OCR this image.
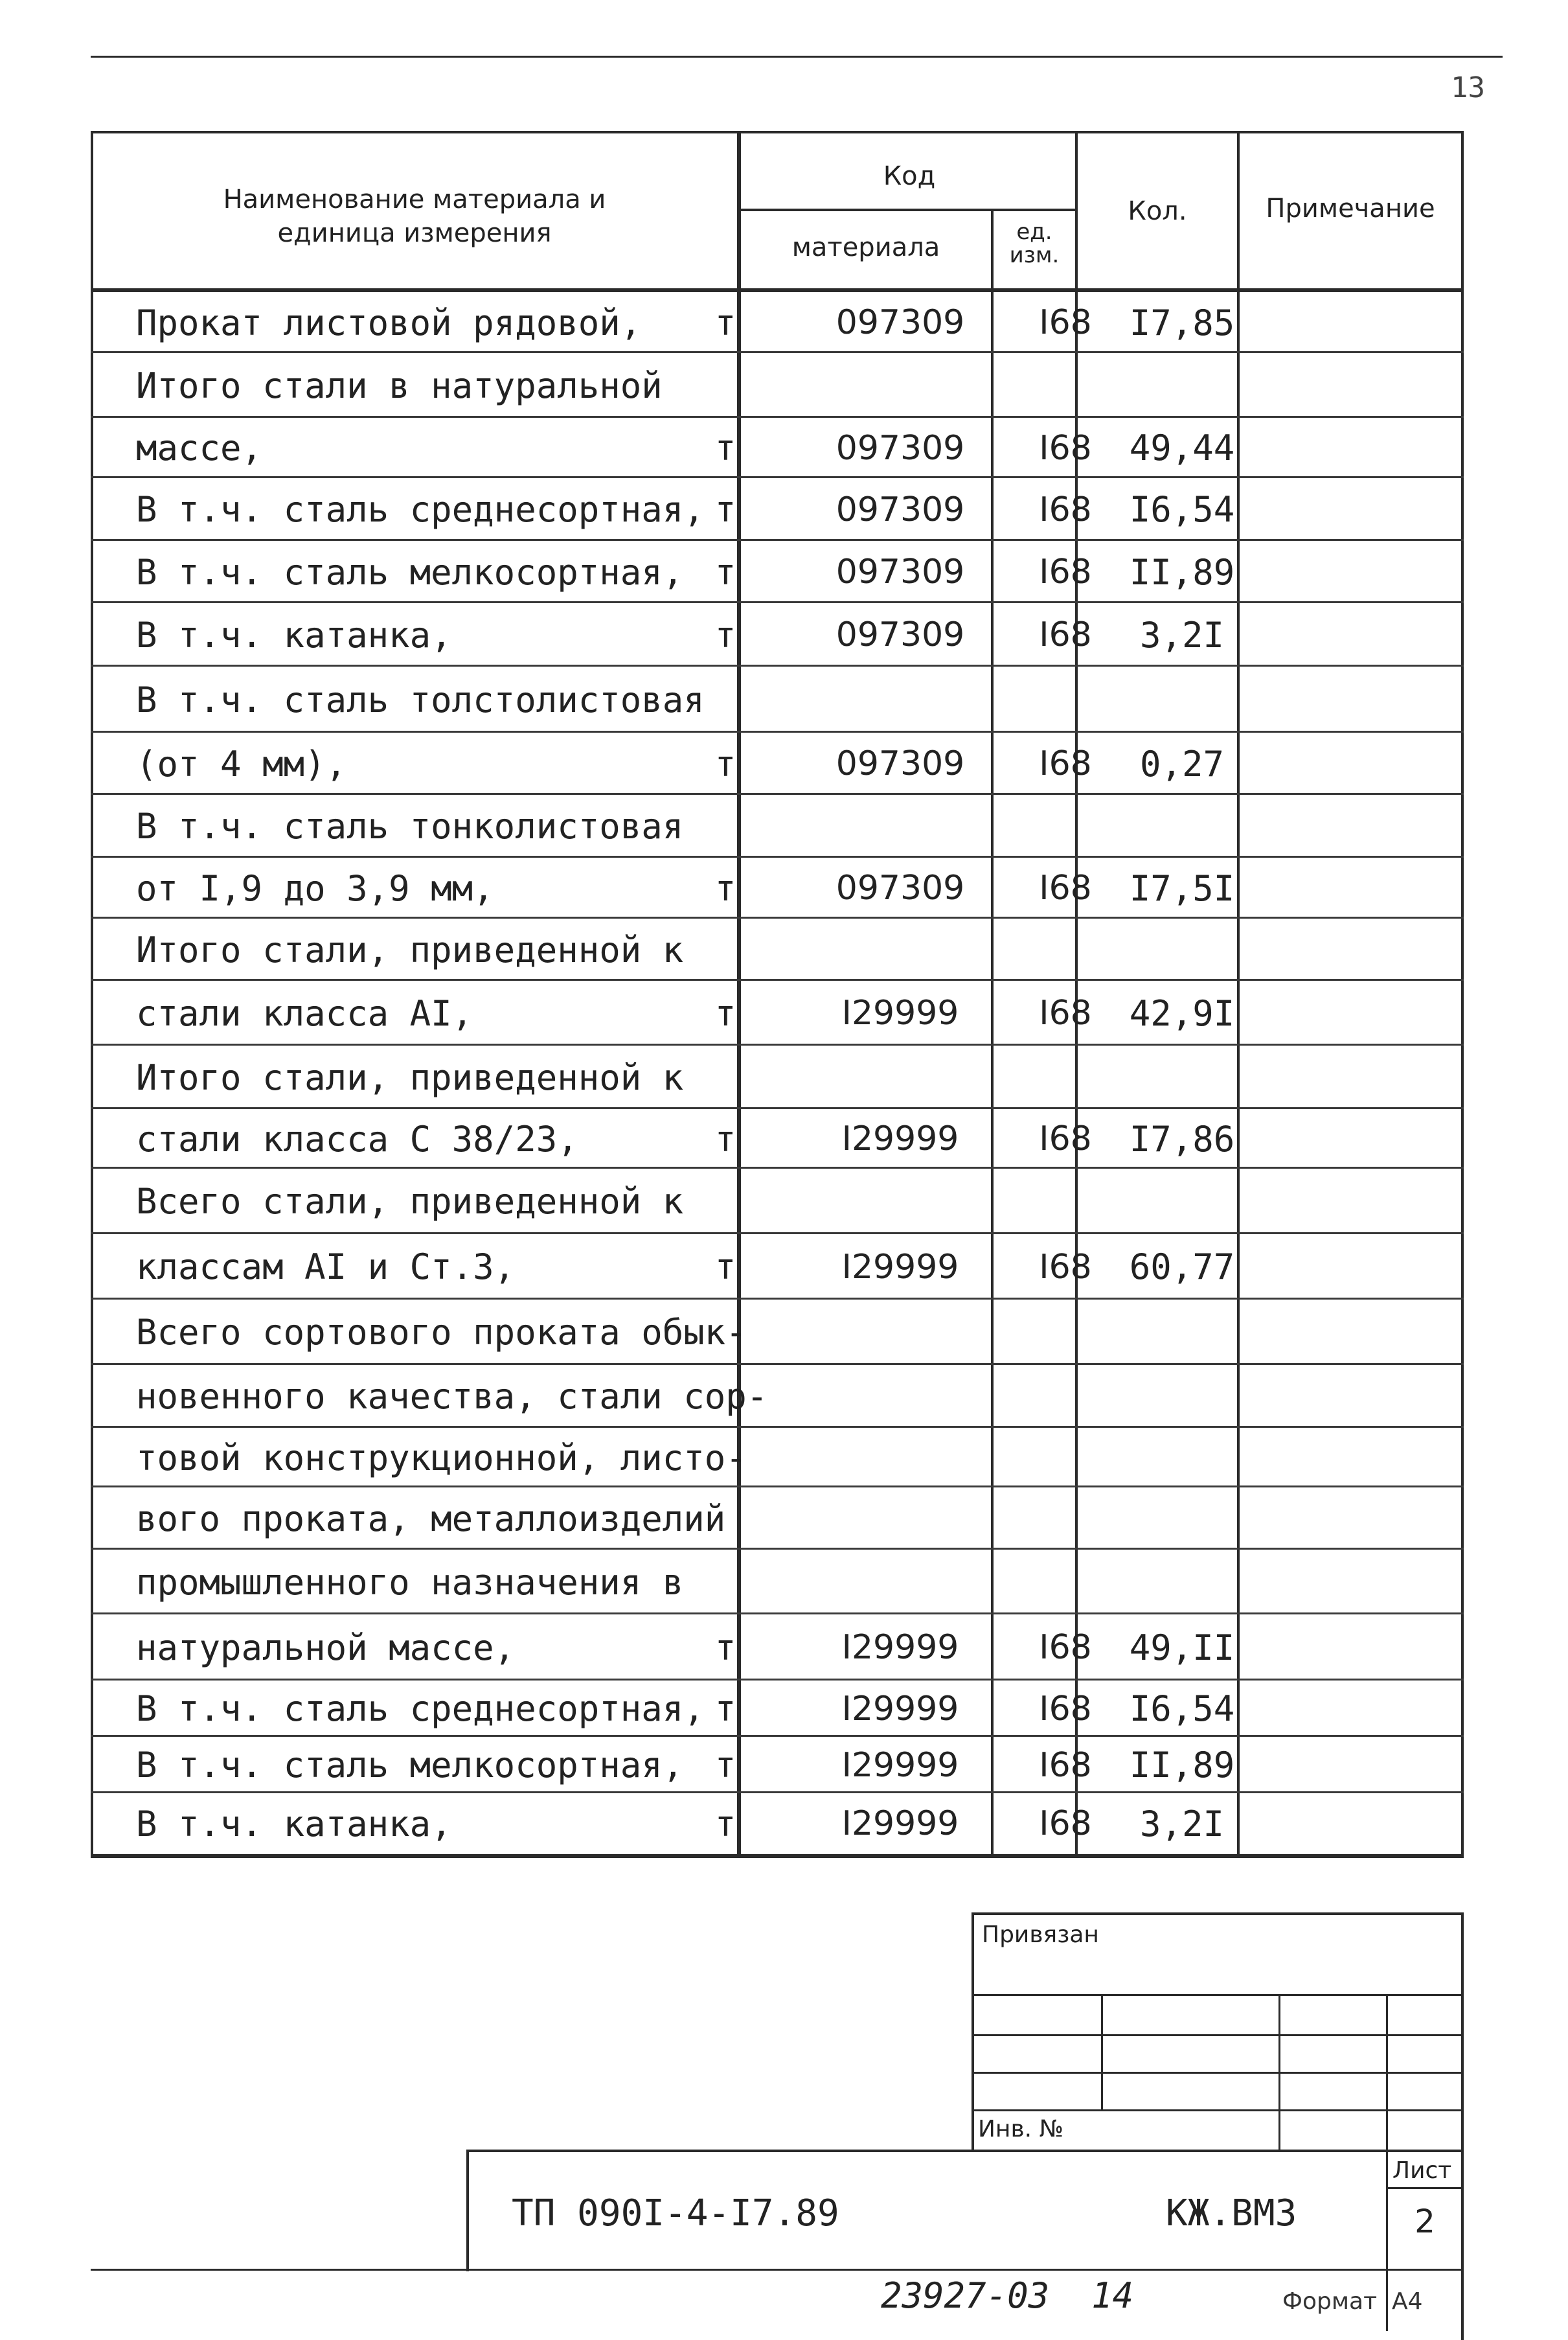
13
Наименование материала и единица измерения
Код
материала
ед. изм.
Кол.	Примечание
Прокат листовой рядовой,	т	097309	I68	I7,85
Итого стали в натуральной
массе,	т	097309	I68	49,44
В т.ч. сталь среднесортная, т	097309	I68	I6,54
В т.ч. сталь мелкосортная, т	097309	I68	II,89
В т.ч. катанка,	т	097309	I68	3,2I
В т.ч. сталь толстолистовая
(от 4 мм),	т	097309	I68	0,27
В т.ч. сталь тонколистовая
от I,9 до 3,9 мм,	т	097309	I68	I7,5I
Итого стали, приведенной к
стали класса AI,	т	I29999	I68	42,9I
Итого стали, приведенной к
стали класса С 38/23,	т	I29999	I68	I7,86
Всего стали, приведенной к
классам AI и Ст.3,	т	I29999	I68	60,77
Всего сортового проката обык-
новенного качества, стали сор-
товой конструкционной, листо-
вого проката, металлоизделий
промышленного назначения в
натуральной массе,	т	I29999	I68	49,II
В т.ч. сталь среднесортная, т	I29999	I68	I6,54
В т.ч. сталь мелкосортная, т	I29999	I68	II,89
В т.ч. катанка,	т	I29999	I68	3,2I
Привязан
Инв. №
ТП 090I-4-I7.89	КЖ.ВМ3
Лист
2
23927-03  14	Формат  А4
